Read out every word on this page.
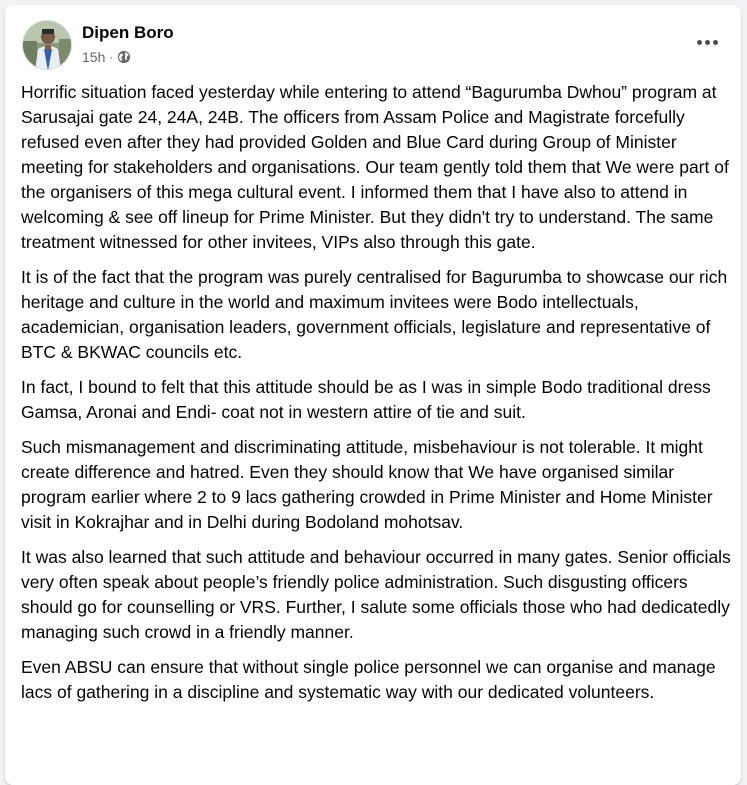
Dipen Boro
15h ·

Horrific situation faced yesterday while entering to attend “Bagurumba Dwhou” program at Sarusajai gate 24, 24A, 24B. The officers from Assam Police and Magistrate forcefully refused even after they had provided Golden and Blue Card during Group of Minister meeting for stakeholders and organisations. Our team gently told them that We were part of the organisers of this mega cultural event. I informed them that I have also to attend in welcoming & see off lineup for Prime Minister. But they didn't try to understand. The same treatment witnessed for other invitees, VIPs also through this gate.

It is of the fact that the program was purely centralised for Bagurumba to showcase our rich heritage and culture in the world and maximum invitees were Bodo intellectuals, academician, organisation leaders, government officials, legislature and representative of BTC & BKWAC councils etc.

In fact, I bound to felt that this attitude should be as I was in simple Bodo traditional dress Gamsa, Aronai and Endi- coat not in western attire of tie and suit.

Such mismanagement and discriminating attitude, misbehaviour is not tolerable. It might create difference and hatred. Even they should know that We have organised similar program earlier where 2 to 9 lacs gathering crowded in Prime Minister and Home Minister visit in Kokrajhar and in Delhi during Bodoland mohotsav.

It was also learned that such attitude and behaviour occurred in many gates. Senior officials very often speak about people’s friendly police administration. Such disgusting officers should go for counselling or VRS. Further, I salute some officials those who had dedicatedly managing such crowd in a friendly manner.

Even ABSU can ensure that without single police personnel we can organise and manage lacs of gathering in a discipline and systematic way with our dedicated volunteers.
